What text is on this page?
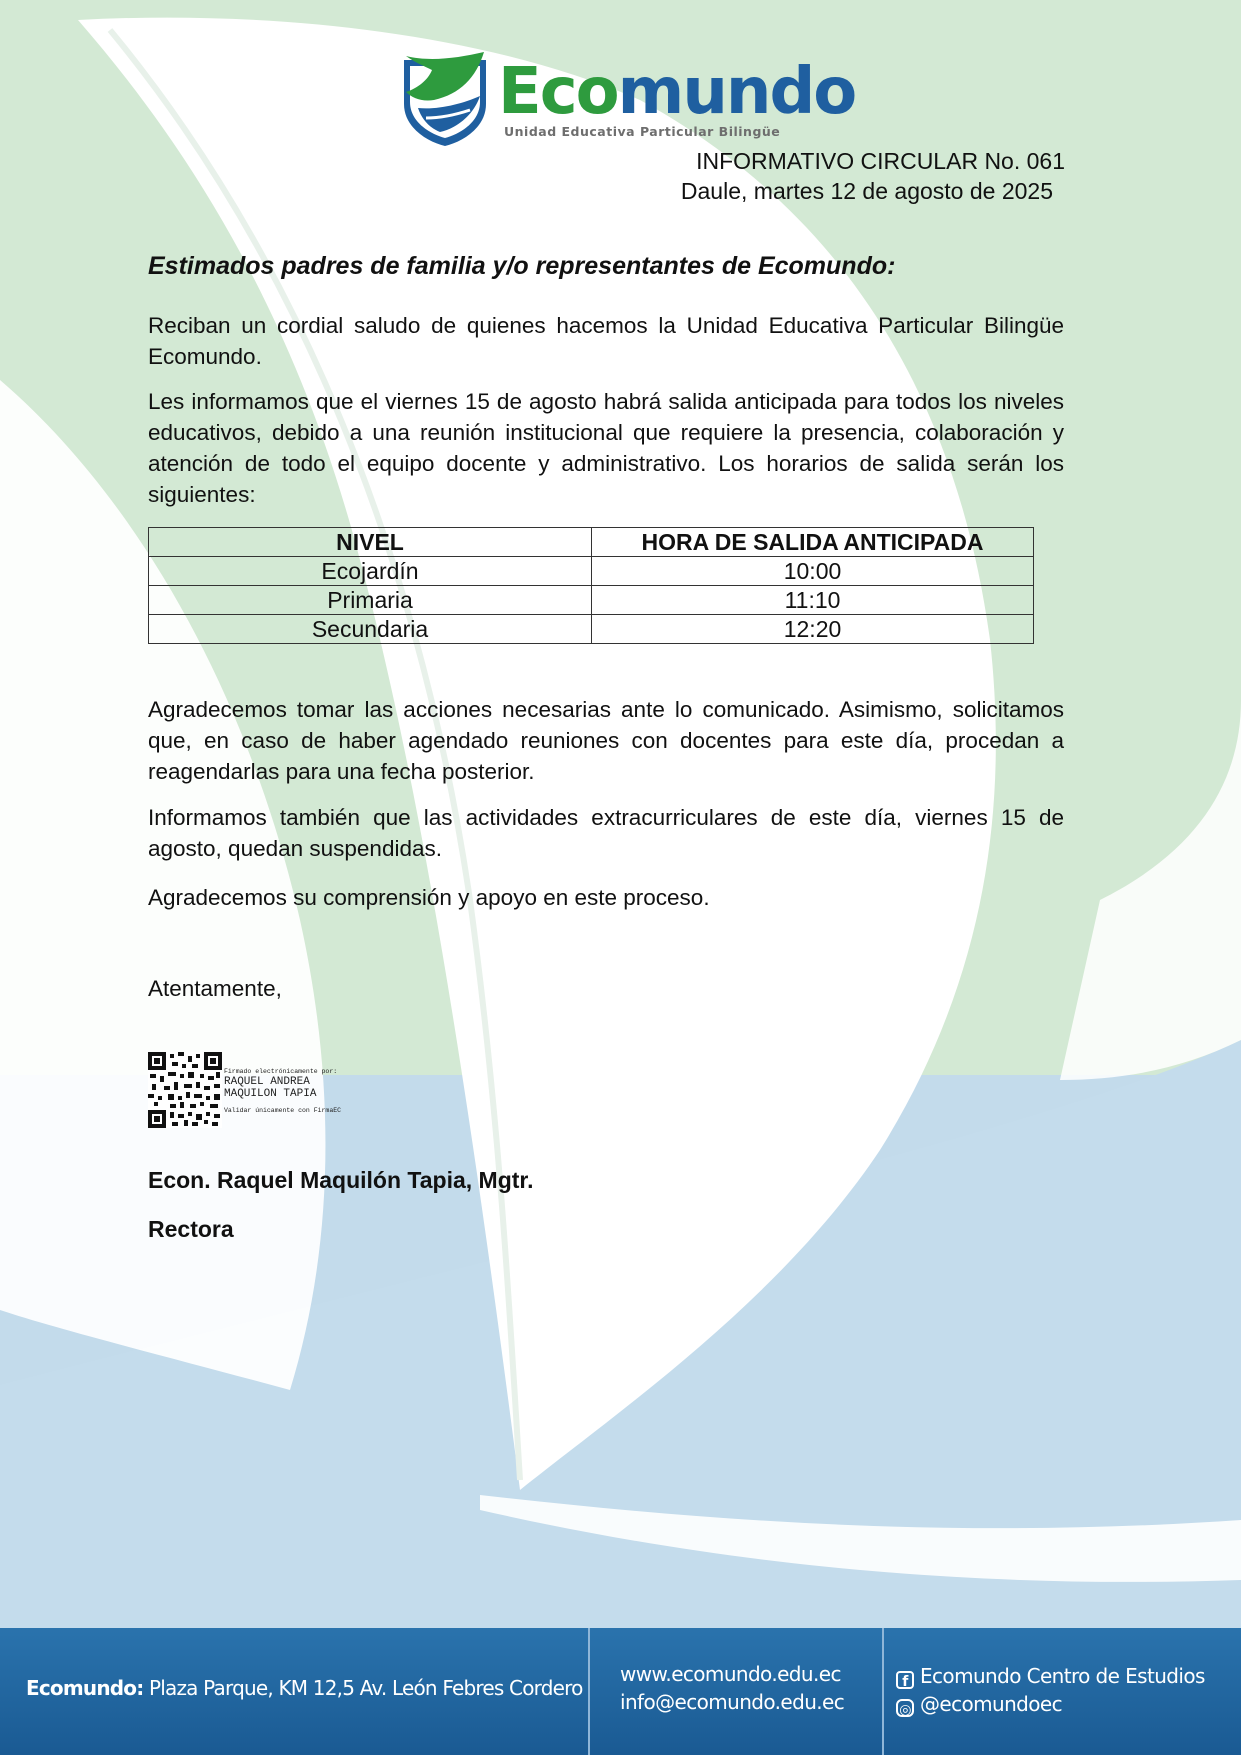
Ecomundo
Unidad Educativa Particular Bilingüe
INFORMATIVO CIRCULAR No. 061
Daule, martes 12 de agosto de 2025
Estimados padres de familia y/o representantes de Ecomundo:
Reciban un cordial saludo de quienes hacemos la Unidad Educativa Particular Bilingüe Ecomundo.
Les informamos que el viernes 15 de agosto habrá salida anticipada para todos los niveles educativos, debido a una reunión institucional que requiere la presencia, colaboración y atención de todo el equipo docente y administrativo. Los horarios de salida serán los siguientes:
NIVEL	HORA DE SALIDA ANTICIPADA
Ecojardín	10:00
Primaria	11:10
Secundaria	12:20
Agradecemos tomar las acciones necesarias ante lo comunicado. Asimismo, solicitamos que, en caso de haber agendado reuniones con docentes para este día, procedan a reagendarlas para una fecha posterior.
Informamos también que las actividades extracurriculares de este día, viernes 15 de agosto, quedan suspendidas.
Agradecemos su comprensión y apoyo en este proceso.
Atentamente,
Firmado electrónicamente por:
RAQUEL ANDREA
MAQUILON TAPIA
Validar únicamente con FirmaEC
Econ. Raquel Maquilón Tapia, Mgtr.
Rectora
Ecomundo: Plaza Parque, KM 12,5 Av. León Febres Cordero
www.ecomundo.edu.ec
info@ecomundo.edu.ec
f Ecomundo Centro de Estudios
◎ @ecomundoec
